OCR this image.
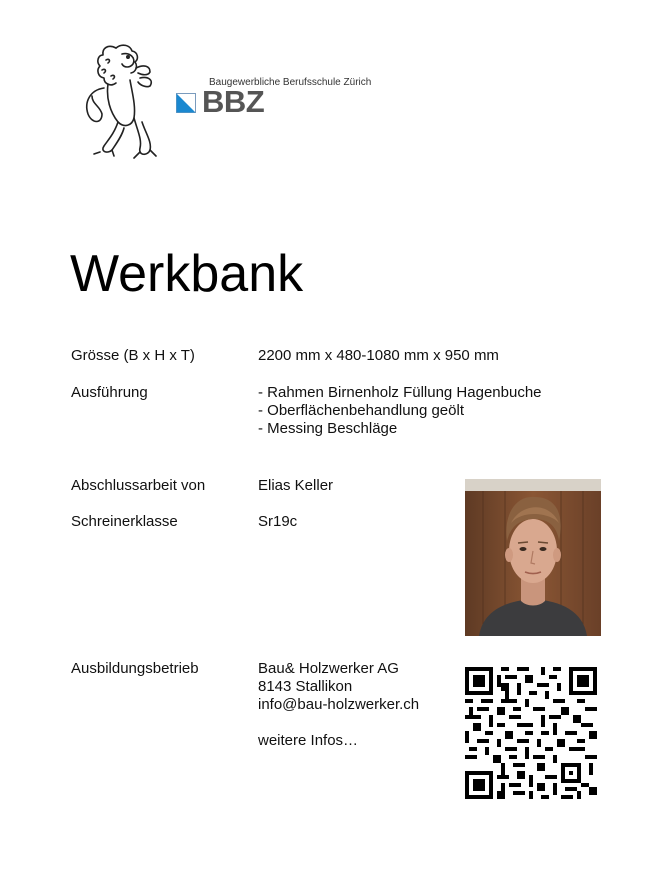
Baugewerbliche Berufsschule Zürich
BBZ
Werkbank
Grösse (B x H x T)	2200 mm x 480-1080 mm x 950 mm
Ausführung	- Rahmen Birnenholz Füllung Hagenbuche
- Oberflächenbehandlung geölt
- Messing Beschläge
Abschlussarbeit von	Elias Keller
Schreinerklasse	Sr19c
Ausbildungsbetrieb	Bau& Holzwerker AG
8143 Stallikon
info@bau-holzwerker.ch
weitere Infos…
